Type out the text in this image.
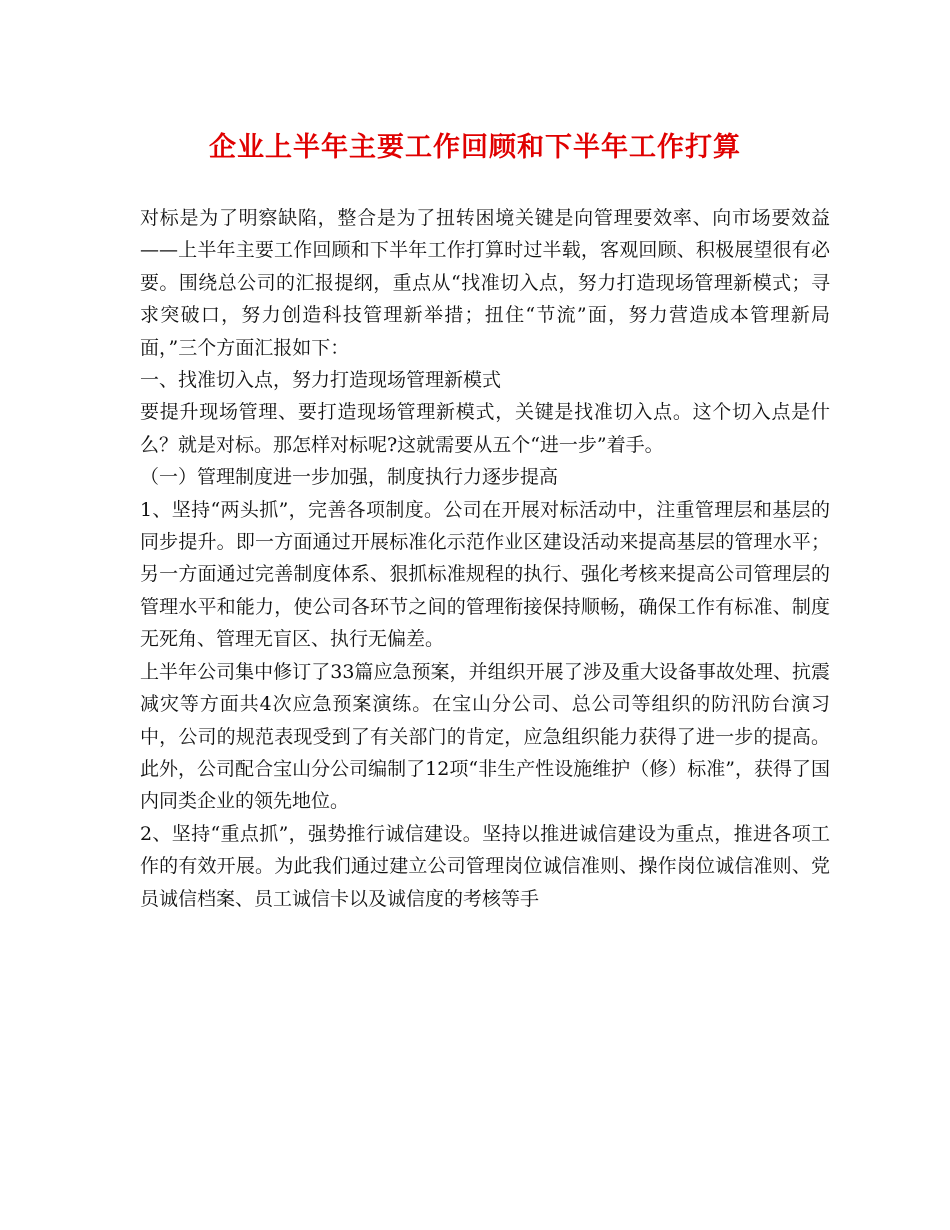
企业上半年主要工作回顾和下半年工作打算

对标是为了明察缺陷，整合是为了扭转困境关键是向管理要效率、向市场要效益——上半年主要工作回顾和下半年工作打算时过半载，客观回顾、积极展望很有必要。围绕总公司的汇报提纲，重点从“找准切入点，努力打造现场管理新模式；寻求突破口，努力创造科技管理新举措；扭住“节流”面，努力营造成本管理新局面，”三个方面汇报如下：

一、找准切入点，努力打造现场管理新模式

要提升现场管理、要打造现场管理新模式，关键是找准切入点。这个切入点是什么？就是对标。那怎样对标呢?这就需要从五个“进一步”着手。

（一）管理制度进一步加强，制度执行力逐步提高

1、坚持“两头抓”，完善各项制度。公司在开展对标活动中，注重管理层和基层的同步提升。即一方面通过开展标准化示范作业区建设活动来提高基层的管理水平；另一方面通过完善制度体系、狠抓标准规程的执行、强化考核来提高公司管理层的管理水平和能力，使公司各环节之间的管理衔接保持顺畅，确保工作有标准、制度无死角、管理无盲区、执行无偏差。

上半年公司集中修订了33篇应急预案，并组织开展了涉及重大设备事故处理、抗震减灾等方面共4次应急预案演练。在宝山分公司、总公司等组织的防汛防台演习中，公司的规范表现受到了有关部门的肯定，应急组织能力获得了进一步的提高。此外，公司配合宝山分公司编制了12项“非生产性设施维护（修）标准”，获得了国内同类企业的领先地位。

2、坚持“重点抓”，强势推行诚信建设。坚持以推进诚信建设为重点，推进各项工作的有效开展。为此我们通过建立公司管理岗位诚信准则、操作岗位诚信准则、党员诚信档案、员工诚信卡以及诚信度的考核等手
